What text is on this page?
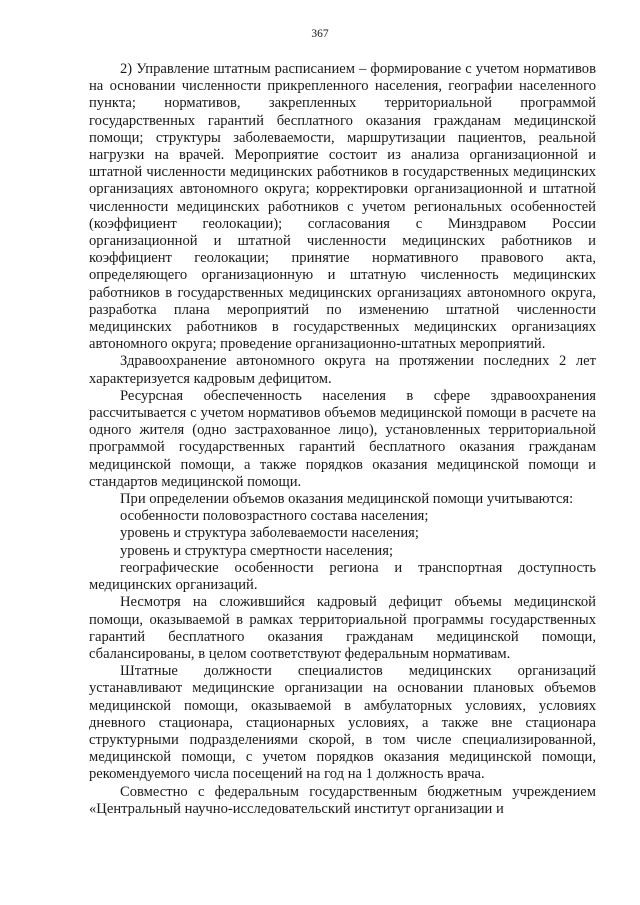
367

2) Управление штатным расписанием – формирование с учетом нормативов на основании численности прикрепленного населения, географии населенного пункта; нормативов, закрепленных территориальной программой государственных гарантий бесплатного оказания гражданам медицинской помощи; структуры заболеваемости, маршрутизации пациентов, реальной нагрузки на врачей. Мероприятие состоит из анализа организационной и штатной численности медицинских работников в государственных медицинских организациях автономного округа; корректировки организационной и штатной численности медицинских работников с учетом региональных особенностей (коэффициент геолокации); согласования с Минздравом России организационной и штатной численности медицинских работников и коэффициент геолокации; принятие нормативного правового акта, определяющего организационную и штатную численность медицинских работников в государственных медицинских организациях автономного округа, разработка плана мероприятий по изменению штатной численности медицинских работников в государственных медицинских организациях автономного округа; проведение организационно-штатных мероприятий.

Здравоохранение автономного округа на протяжении последних 2 лет характеризуется кадровым дефицитом.

Ресурсная обеспеченность населения в сфере здравоохранения рассчитывается с учетом нормативов объемов медицинской помощи в расчете на одного жителя (одно застрахованное лицо), установленных территориальной программой государственных гарантий бесплатного оказания гражданам медицинской помощи, а также порядков оказания медицинской помощи и стандартов медицинской помощи.

При определении объемов оказания медицинской помощи учитываются:

особенности половозрастного состава населения;

уровень и структура заболеваемости населения;

уровень и структура смертности населения;

географические особенности региона и транспортная доступность медицинских организаций.

Несмотря на сложившийся кадровый дефицит объемы медицинской помощи, оказываемой в рамках территориальной программы государственных гарантий бесплатного оказания гражданам медицинской помощи, сбалансированы, в целом соответствуют федеральным нормативам.

Штатные должности специалистов медицинских организаций устанавливают медицинские организации на основании плановых объемов медицинской помощи, оказываемой в амбулаторных условиях, условиях дневного стационара, стационарных условиях, а также вне стационара структурными подразделениями скорой, в том числе специализированной, медицинской помощи, с учетом порядков оказания медицинской помощи, рекомендуемого числа посещений на год на 1 должность врача.

Совместно с федеральным государственным бюджетным учреждением «Центральный научно-исследовательский институт организации и
